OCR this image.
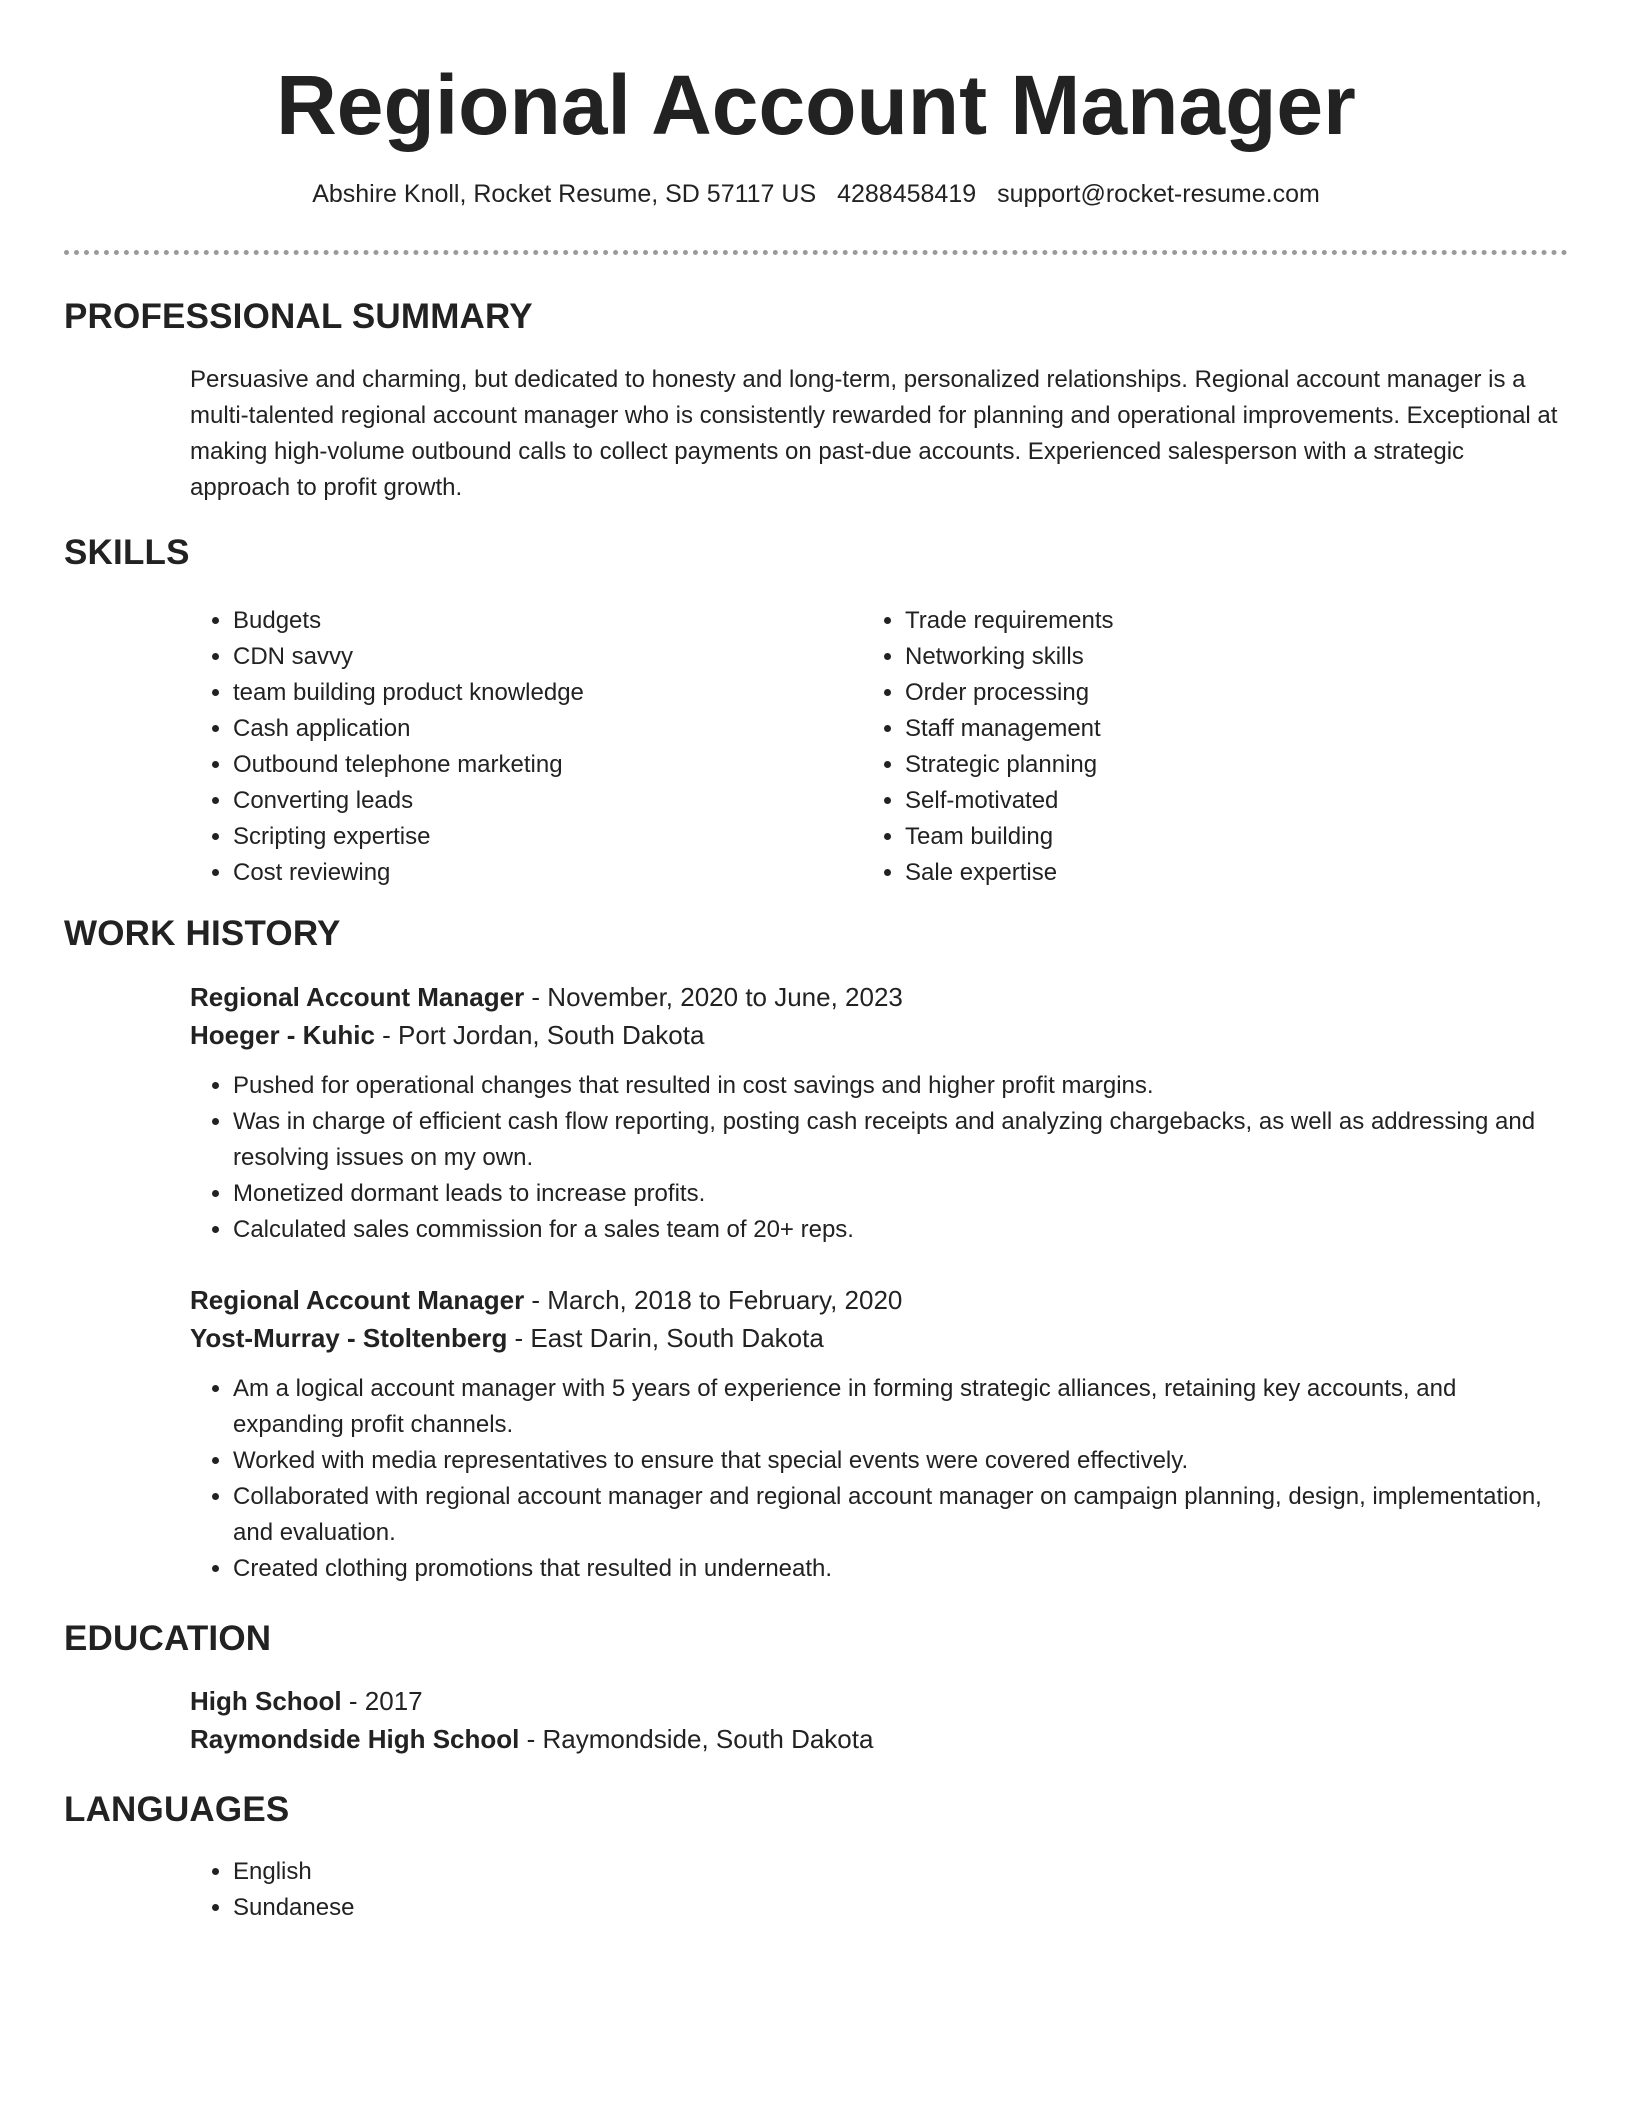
Regional Account Manager
Abshire Knoll, Rocket Resume, SD 57117 US 4288458419 support@rocket-resume.com
PROFESSIONAL SUMMARY

Persuasive and charming, but dedicated to honesty and long-term, personalized relationships. Regional account manager is a multi-talented regional account manager who is consistently rewarded for planning and operational improvements. Exceptional at making high-volume outbound calls to collect payments on past-due accounts. Experienced salesperson with a strategic approach to profit growth.

SKILLS
• Budgets
• CDN savvy
• team building product knowledge
• Cash application
• Outbound telephone marketing
• Converting leads
• Scripting expertise
• Cost reviewing
• Trade requirements
• Networking skills
• Order processing
• Staff management
• Strategic planning
• Self-motivated
• Team building
• Sale expertise
WORK HISTORY
Regional Account Manager - November, 2020 to June, 2023
Hoeger - Kuhic - Port Jordan, South Dakota
• Pushed for operational changes that resulted in cost savings and higher profit margins.
• Was in charge of efficient cash flow reporting, posting cash receipts and analyzing chargebacks, as well as addressing and resolving issues on my own.
• Monetized dormant leads to increase profits.
• Calculated sales commission for a sales team of 20+ reps.
Regional Account Manager - March, 2018 to February, 2020
Yost-Murray - Stoltenberg - East Darin, South Dakota
• Am a logical account manager with 5 years of experience in forming strategic alliances, retaining key accounts, and expanding profit channels.
• Worked with media representatives to ensure that special events were covered effectively.
• Collaborated with regional account manager and regional account manager on campaign planning, design, implementation, and evaluation.
• Created clothing promotions that resulted in underneath.
EDUCATION
High School - 2017
Raymondside High School - Raymondside, South Dakota
LANGUAGES
• English
• Sundanese
